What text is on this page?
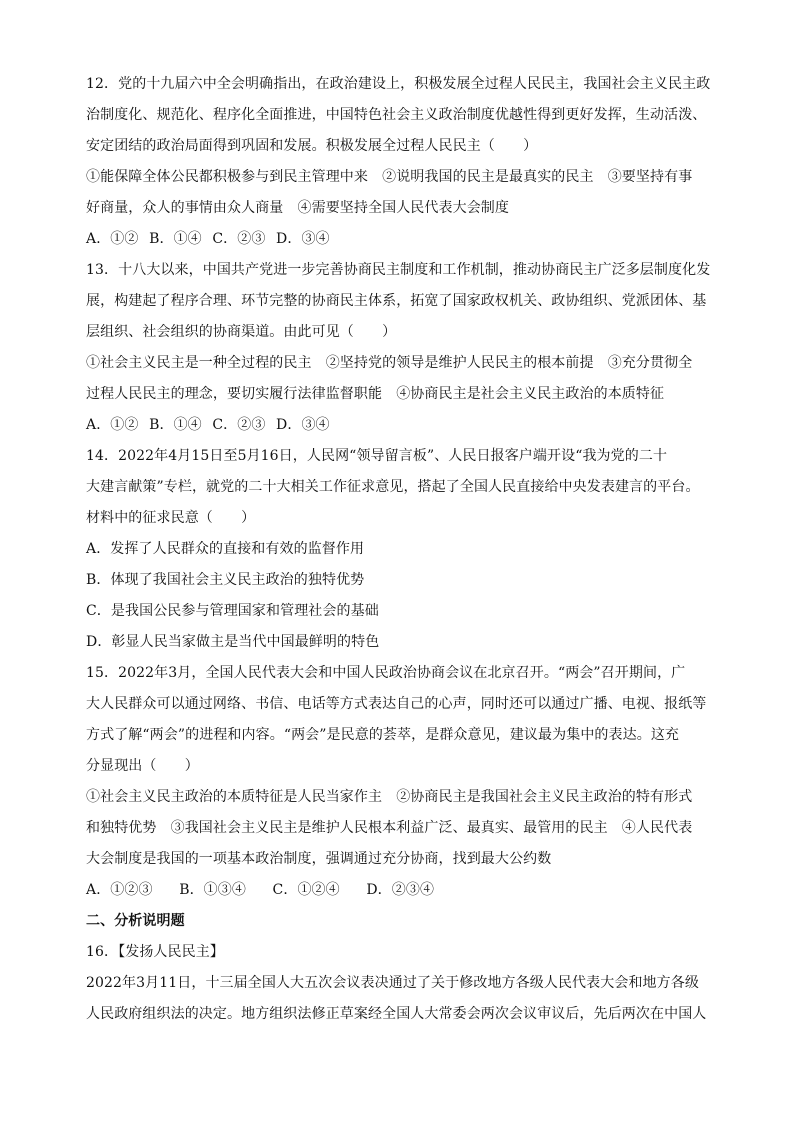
12．党的十九届六中全会明确指出，在政治建设上，积极发展全过程人民民主，我国社会主义民主政
治制度化、规范化、程序化全面推进，中国特色社会主义政治制度优越性得到更好发挥，生动活泼、
安定团结的政治局面得到巩固和发展。积极发展全过程人民民主（　　）
①能保障全体公民都积极参与到民主管理中来　②说明我国的民主是最真实的民主　③要坚持有事
好商量，众人的事情由众人商量　④需要坚持全国人民代表大会制度
A．①② B．①④ C．②③ D．③④
13．十八大以来，中国共产党进一步完善协商民主制度和工作机制，推动协商民主广泛多层制度化发
展，构建起了程序合理、环节完整的协商民主体系，拓宽了国家政权机关、政协组织、党派团体、基
层组织、社会组织的协商渠道。由此可见（　　）
①社会主义民主是一种全过程的民主　②坚持党的领导是维护人民民主的根本前提　③充分贯彻全
过程人民民主的理念，要切实履行法律监督职能　④协商民主是社会主义民主政治的本质特征
A．①② B．①④ C．②③ D．③④
14．2022年4月15日至5月16日，人民网“领导留言板”、人民日报客户端开设“我为党的二十
大建言献策”专栏，就党的二十大相关工作征求意见，搭起了全国人民直接给中央发表建言的平台。
材料中的征求民意（　　）
A．发挥了人民群众的直接和有效的监督作用
B．体现了我国社会主义民主政治的独特优势
C．是我国公民参与管理国家和管理社会的基础
D．彰显人民当家做主是当代中国最鲜明的特色
15．2022年3月，全国人民代表大会和中国人民政治协商会议在北京召开。“两会”召开期间，广
大人民群众可以通过网络、书信、电话等方式表达自己的心声，同时还可以通过广播、电视、报纸等
方式了解“两会”的进程和内容。“两会”是民意的荟萃，是群众意见，建议最为集中的表达。这充
分显现出（　　）
①社会主义民主政治的本质特征是人民当家作主　②协商民主是我国社会主义民主政治的特有形式
和独特优势　③我国社会主义民主是维护人民根本利益广泛、最真实、最管用的民主　④人民代表
大会制度是我国的一项基本政治制度，强调通过充分协商，找到最大公约数
A．①②③ B．①③④ C．①②④ D．②③④
二、分析说明题
16．【发扬人民民主】
2022年3月11日，十三届全国人大五次会议表决通过了关于修改地方各级人民代表大会和地方各级
人民政府组织法的决定。地方组织法修正草案经全国人大常委会两次会议审议后，先后两次在中国人
